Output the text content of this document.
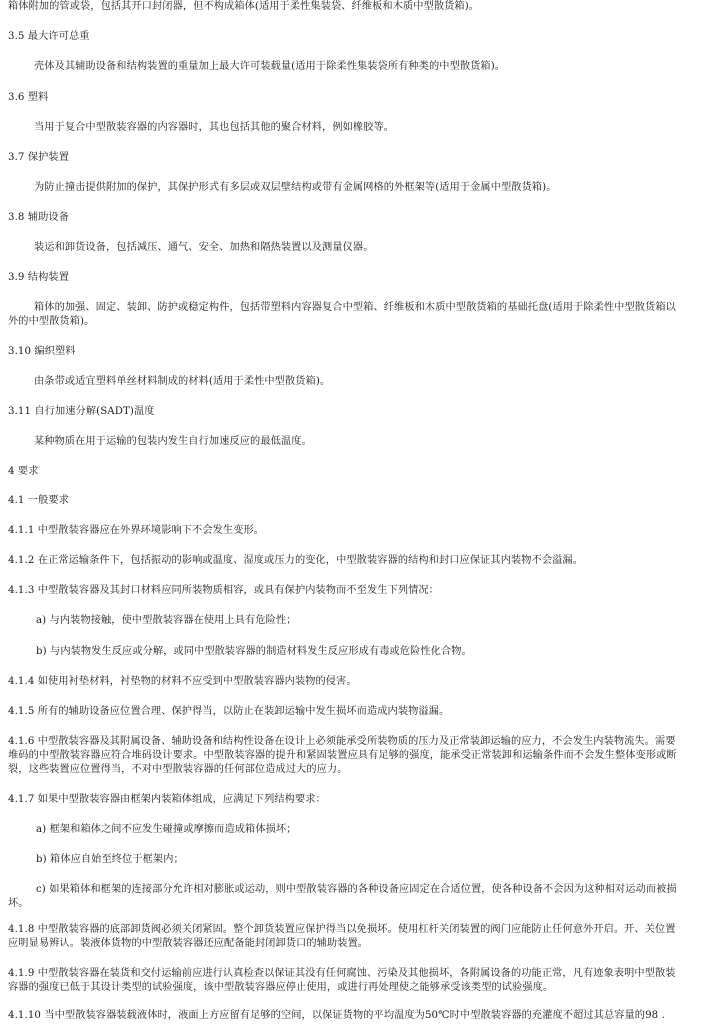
箱体附加的管或袋，包括其开口封闭器，但不构成箱体(适用于柔性集装袋、纤维板和木质中型散货箱)。
3.5 最大许可总重
壳体及其辅助设备和结构装置的重量加上最大许可装载量(适用于除柔性集装袋所有种类的中型散货箱)。
3.6 塑料
当用于复合中型散装容器的内容器时，其也包括其他的聚合材料，例如橡胶等。
3.7 保护装置
为防止撞击提供附加的保护，其保护形式有多层或双层壁结构或带有金属网格的外框架等(适用于金属中型散货箱)。
3.8 辅助设备
装运和卸货设备，包括减压、通气、安全、加热和隔热装置以及测量仪器。
3.9 结构装置
箱体的加强、固定、装卸、防护或稳定构件，包括带塑料内容器复合中型箱、纤维板和木质中型散货箱的基础托盘(适用于除柔性中型散货箱以
外的中型散货箱)。
3.10 编织塑料
由条带或适宜塑料单丝材料制成的材料(适用于柔性中型散货箱)。
3.11 自行加速分解(SADT)温度
某种物质在用于运输的包装内发生自行加速反应的最低温度。
4 要求
4.1 一般要求
4.1.1 中型散装容器应在外界环境影响下不会发生变形。
4.1.2 在正常运输条件下，包括振动的影响或温度、湿度或压力的变化，中型散装容器的结构和封口应保证其内装物不会溢漏。
4.1.3 中型散装容器及其封口材料应同所装物质相容，或具有保护内装物而不至发生下列情况：
a) 与内装物接触，使中型散装容器在使用上具有危险性；
b) 与内装物发生反应或分解，或同中型散装容器的制造材料发生反应形成有毒或危险性化合物。
4.1.4 如使用衬垫材料，衬垫物的材料不应受到中型散装容器内装物的侵害。
4.1.5 所有的辅助设备应位置合理、保护得当，以防止在装卸运输中发生损坏而造成内装物溢漏。
4.1.6 中型散装容器及其附属设备、辅助设备和结构性设备在设计上必须能承受所装物质的压力及正常装卸运输的应力，不会发生内装物流失。需要
堆码的中型散装容器应符合堆码设计要求。中型散装容器的提升和紧固装置应具有足够的强度，能承受正常装卸和运输条件而不会发生整体变形或断
裂，这些装置应位置得当，不对中型散装容器的任何部位造成过大的应力。
4.1.7 如果中型散装容器由框架内装箱体组成，应满足下列结构要求：
a) 框架和箱体之间不应发生碰撞或摩擦而造成箱体损坏；
b) 箱体应自始至终位于框架内；
c) 如果箱体和框架的连接部分允许相对膨胀或运动，则中型散装容器的各种设备应固定在合适位置，使各种设备不会因为这种相对运动而被损
坏。
4.1.8 中型散装容器的底部卸货阀必须关闭紧固。整个卸货装置应保护得当以免损坏。使用杠杆关闭装置的阀门应能防止任何意外开启。开、关位置
应明显易辨认。装液体货物的中型散装容器还应配备能封闭卸货口的辅助装置。
4.1.9 中型散装容器在装货和交付运输前应进行认真检查以保证其没有任何腐蚀、污染及其他损坏，各附属设备的功能正常，凡有迹象表明中型散装
容器的强度已低于其设计类型的试验强度，该中型散装容器应停止使用，或进行再处理使之能够承受该类型的试验强度。
4.1.10 当中型散装容器装载液体时，液面上方应留有足够的空间，以保证货物的平均温度为50℃时中型散装容器的充灌度不超过其总容量的98 .
